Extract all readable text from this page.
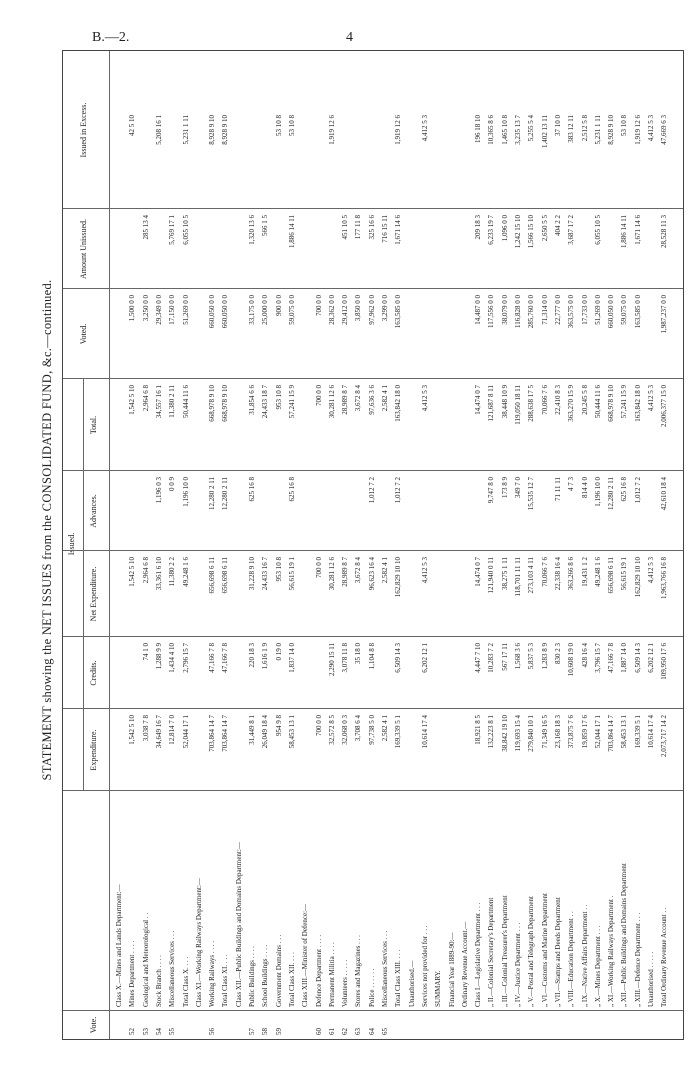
B.—2.	4
STATEMENT showing the NET ISSUES from the CONSOLIDATED FUND, &c.—continued.
Vote.
Issued.
Expenditure.
Credits.
Net Expenditure.
Advances.
Total.
Voted.
Amount Unissued.
Issued in Excess.
Class X.—Mines and Lands Department:—
52
Mines Department . . . .
1,542 5 10
1,542 5 10
1,542 5 10
1,500 0 0
42 5 10
53
Geological and Meteorological . .
3,038 7 8
74 1 0
2,964 6 8
2,964 6 8
3,250 0 0
285 13 4
54
Stock Branch . . . .
34,649 16 7
1,288 9 9
33,361 6 10
1,196 0 3
34,557 16 1
29,349 0 0
5,208 16 1
55
Miscellaneous Services . . .
12,814 7 0
1,434 4 10
11,380 2 2
0 0 9
11,380 2 11
17,150 0 0
5,769 17 1
Total Class X. . . .
52,044 17 1
2,796 15 7
49,248 1 6
1,196 10 0
50,444 11 6
51,269 0 0
6,055 10 5
5,231 1 11
Class XI.—Working Railways Department:—
56
Working Railways . . . .
703,864 14 7
47,166 7 8
656,698 6 11
12,280 2 11
668,978 9 10
660,050 0 0
8,928 9 10
Total Class XI. . . .
703,864 14 7
47,166 7 8
656,698 6 11
12,280 2 11
668,978 9 10
660,050 0 0
8,928 9 10
Class XII.—Public Buildings and Domains Department:—
57
Public Buildings . . . .
31,449 8 1
220 18 3
31,228 9 10
625 16 8
31,854 6 6
33,175 0 0
1,320 13 6
58
School Buildings . . . .
26,049 18 4
1,616 1 9
24,433 16 7
24,433 18 7
25,000 0 0
566 1 5
59
Government Domains . . .
954 9 8
0 19 0
953 10 8
953 10 8
900 0 0
53 10 8
Total Class XII. . . .
58,453 13 1
1,837 14 0
56,615 19 1
625 16 8
57,241 15 9
59,075 0 0
1,886 14 11
53 10 8
Class XIII.—Minister of Defence:—
60
Defence Department . . . .
700 0 0
700 0 0
700 0 0
700 0 0
61
Permanent Militia . . . .
32,572 8 5
2,290 15 11
30,281 12 6
30,281 12 6
28,362 0 0
1,919 12 6
62
Volunteers . . . . .
32,068 0 3
3,078 11 8
28,989 8 7
28,989 8 7
29,412 0 0
451 10 5
63
Stores and Magazines . . .
3,708 6 4
35 18 0
3,672 8 4
3,672 8 4
3,850 0 0
177 11 8
64
Police . . . . . .
97,738 5 0
1,104 8 8
96,623 16 4
1,012 7 2
97,636 3 6
97,962 0 0
325 16 6
65
Miscellaneous Services . . .
2,582 4 1
2,582 4 1
2,582 4 1
3,299 0 0
716 15 11
Total Class XIII. . . .
169,339 5 1
6,509 14 3
162,829 10 10
1,012 7 2
163,842 18 0
163,585 0 0
1,671 14 6
1,919 12 6
Unauthorised.— Services not provided for . . .
10,614 17 4
6,202 12 1
4,412 5 3
4,412 5 3
4,412 5 3
SUMMARY. Financial Year 1889-90:— Ordinary Revenue Account.— Class I.—Legislative Department . . .
18,921 8 5
4,447 7 10
14,474 0 7
14,474 0 7
14,487 0 0
209 18 3
196 18 10
„ II.—Colonial Secretary's Department
132,223 8 1
10,283 7 2
121,940 0 11
9,747 8 0
121,687 8 11
117,556 0 0
6,233 19 7
10,365 8 6
„ III.—Colonial Treasurer's Department
38,842 19 10
567 17 11
38,275 1 11
173 8 9
38,448 10 9
38,079 0 0
1,096 0 0
1,465 10 8
„ IV.—Justice Department . . .
119,693 15 4
1,568 3 6
118,701 11 11
349 7 0
119,050 18 11
116,828 0 0
1,242 15 10
3,235 13 7
„ V.—Postal and Telegraph Department
279,840 10 1
5,837 5 3
273,103 4 11
15,535 12 7
288,638 17 5
285,760 0 0
1,566 15 10
5,255 5 4
„ VI.—Customs and Marine Department
71,349 16 5
1,283 8 9
70,066 7 6
70,066 7 6
71,314 0 0
2,650 5 5
1,402 13 11
„ VII.—Stamps and Deeds Department
23,168 18 3
830 2 3
22,338 16 4
71 11 11
22,410 8 3
22,777 0 0
404 2 2
37 10 0
„ VIII.—Education Department . .
373,875 7 6
10,608 19 0
363,266 8 6
4 7 3
363,270 15 9
363,575 0 0
3,687 17 2
383 12 11
„ IX.—Native Affairs Department . .
19,859 17 6
428 16 4
19,431 1 2
814 4 0
20,245 5 8
17,733 0 0
2,512 5 8
„ X.—Mines Department . . .
52,044 17 1
3,796 15 7
49,248 1 6
1,196 10 0
50,444 11 6
51,269 0 0
6,055 10 5
5,231 1 11
„ XI.—Working Railways Department .
703,864 14 7
47,166 7 8
656,698 6 11
12,280 2 11
668,978 9 10
660,050 0 0
8,928 9 10
„ XII.—Public Buildings and Domains Department
58,453 13 1
1,887 14 0
56,615 19 1
625 16 8
57,241 15 9
59,075 0 0
1,886 14 11
53 10 8
„ XIII.—Defence Department . . .
169,339 5 1
6,509 14 3
162,829 10 10
1,012 7 2
163,842 18 0
163,585 0 0
1,671 14 6
1,919 12 6
Unauthorised . . . . .
10,614 17 4
6,202 12 1
4,412 5 3
4,412 5 3
4,412 5 3
Total Ordinary Revenue Account . .
2,073,717 14 2
109,950 17 6
1,963,766 16 8
42,610 18 4
2,006,377 15 0
1,987,237 0 0
28,528 11 3
47,669 6 3
